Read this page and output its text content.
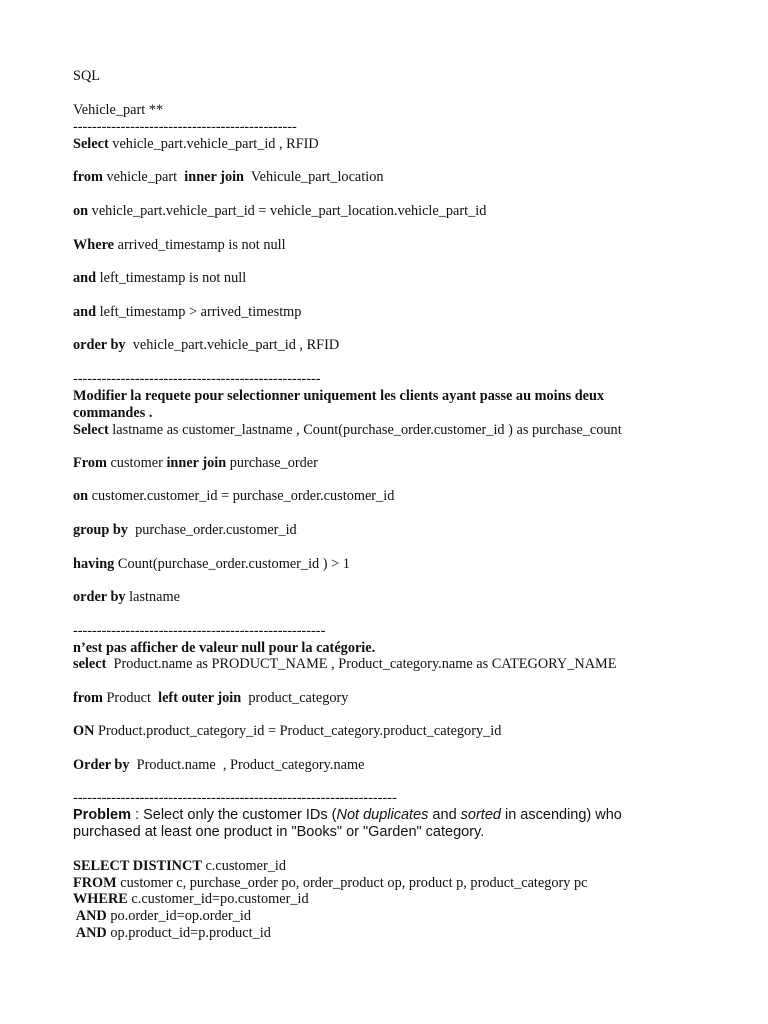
SQL
Vehicle_part **
-----------------------------------------------
Select vehicle_part.vehicle_part_id , RFID
from vehicle_part  inner join  Vehicule_part_location
on vehicle_part.vehicle_part_id = vehicle_part_location.vehicle_part_id
Where arrived_timestamp is not null
and left_timestamp is not null
and left_timestamp > arrived_timestmp
order by  vehicle_part.vehicle_part_id , RFID
----------------------------------------------------
Modifier la requete pour selectionner uniquement les clients ayant passe au moins deux
commandes .
Select lastname as customer_lastname , Count(purchase_order.customer_id ) as purchase_count
From customer inner join purchase_order
on customer.customer_id = purchase_order.customer_id
group by  purchase_order.customer_id
having Count(purchase_order.customer_id ) > 1
order by lastname
-----------------------------------------------------
n’est pas afficher de valeur null pour la catégorie.
select  Product.name as PRODUCT_NAME , Product_category.name as CATEGORY_NAME
from Product  left outer join  product_category
ON Product.product_category_id = Product_category.product_category_id
Order by  Product.name  , Product_category.name
--------------------------------------------------------------------
Problem : Select only the customer IDs (Not duplicates and sorted in ascending) who
purchased at least one product in "Books" or "Garden" category.
SELECT DISTINCT c.customer_id
FROM customer c, purchase_order po, order_product op, product p, product_category pc
WHERE c.customer_id=po.customer_id
AND po.order_id=op.order_id
AND op.product_id=p.product_id
